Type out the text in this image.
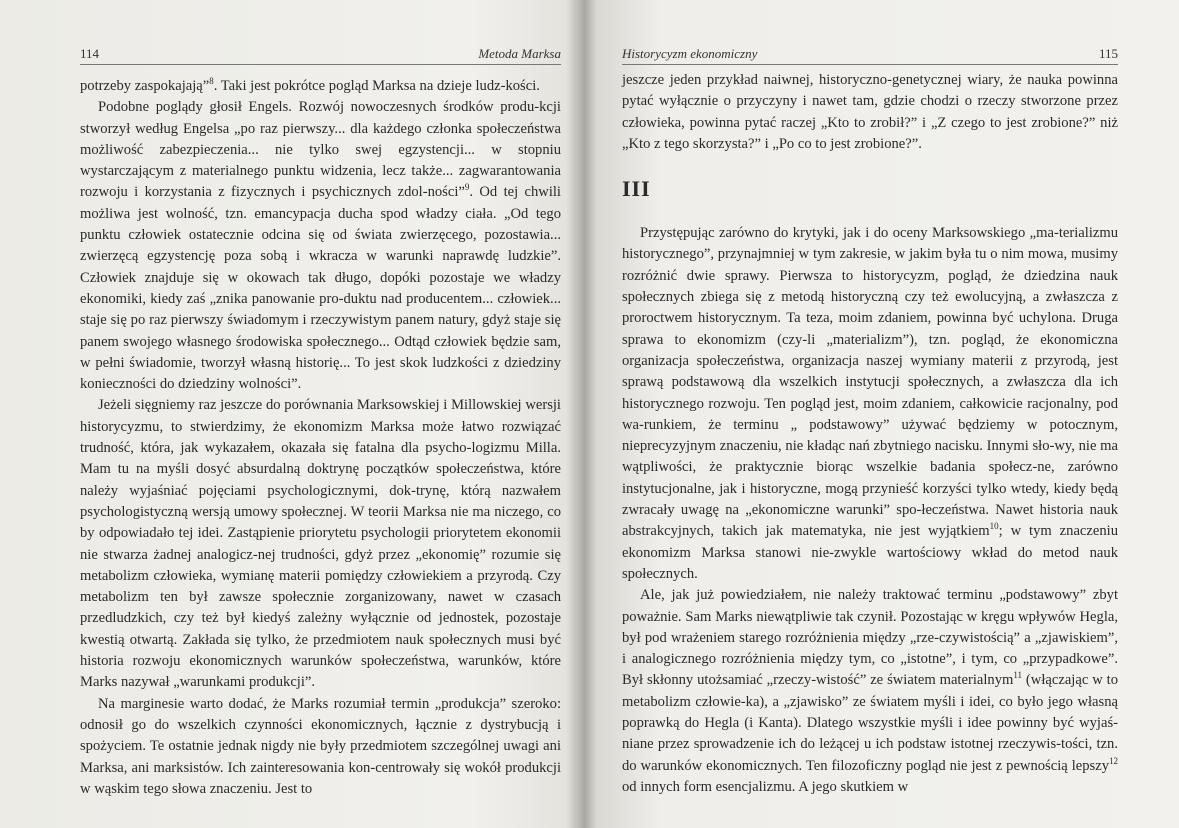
114	Metoda Marksa

potrzeby zaspokajają”$^8$. Taki jest pokrótce pogląd Marksa na dzieje ludz-kości.

Podobne poglądy głosił Engels. Rozwój nowoczesnych środków produ-kcji stworzył według Engelsa „po raz pierwszy... dla każdego członka społeczeństwa możliwość zabezpieczenia... nie tylko swej egzystencji... w stopniu wystarczającym z materialnego punktu widzenia, lecz także... zagwarantowania rozwoju i korzystania z fizycznych i psychicznych zdol-ności”$^9$. Od tej chwili możliwa jest wolność, tzn. emancypacja ducha spod władzy ciała. „Od tego punktu człowiek ostatecznie odcina się od świata zwierzęcego, pozostawia... zwierzęcą egzystencję poza sobą i wkracza w warunki naprawdę ludzkie”. Człowiek znajduje się w okowach tak długo, dopóki pozostaje we władzy ekonomiki, kiedy zaś „znika panowanie pro-duktu nad producentem... człowiek... staje się po raz pierwszy świadomym i rzeczywistym panem natury, gdyż staje się panem swojego własnego środowiska społecznego... Odtąd człowiek będzie sam, w pełni świadomie, tworzył własną historię... To jest skok ludzkości z dziedziny konieczności do dziedziny wolności”.

Jeżeli sięgniemy raz jeszcze do porównania Marksowskiej i Millowskiej wersji historycyzmu, to stwierdzimy, że ekonomizm Marksa może łatwo rozwiązać trudność, która, jak wykazałem, okazała się fatalna dla psycho-logizmu Milla. Mam tu na myśli dosyć absurdalną doktrynę początków społeczeństwa, które należy wyjaśniać pojęciami psychologicznymi, dok-trynę, którą nazwałem psychologistyczną wersją umowy społecznej. W teorii Marksa nie ma niczego, co by odpowiadało tej idei. Zastąpienie priorytetu psychologii priorytetem ekonomii nie stwarza żadnej analogicz-nej trudności, gdyż przez „ekonomię” rozumie się metabolizm człowieka, wymianę materii pomiędzy człowiekiem a przyrodą. Czy metabolizm ten był zawsze społecznie zorganizowany, nawet w czasach przedludzkich, czy też był kiedyś zależny wyłącznie od jednostek, pozostaje kwestią otwartą. Zakłada się tylko, że przedmiotem nauk społecznych musi być historia rozwoju ekonomicznych warunków społeczeństwa, warunków, które Marks nazywał „warunkami produkcji”.

Na marginesie warto dodać, że Marks rozumiał termin „produkcja” szeroko: odnosił go do wszelkich czynności ekonomicznych, łącznie z dystrybucją i spożyciem. Te ostatnie jednak nigdy nie były przedmiotem szczególnej uwagi ani Marksa, ani marksistów. Ich zainteresowania kon-centrowały się wokół produkcji w wąskim tego słowa znaczeniu. Jest to

Historycyzm ekonomiczny	115

jeszcze jeden przykład naiwnej, historyczno-genetycznej wiary, że nauka powinna pytać wyłącznie o przyczyny i nawet tam, gdzie chodzi o rzeczy stworzone przez człowieka, powinna pytać raczej „Kto to zrobił?” i „Z czego to jest zrobione?” niż „Kto z tego skorzysta?” i „Po co to jest zrobione?”.

III

Przystępując zarówno do krytyki, jak i do oceny Marksowskiego „ma-terializmu historycznego”, przynajmniej w tym zakresie, w jakim była tu o nim mowa, musimy rozróżnić dwie sprawy. Pierwsza to historycyzm, pogląd, że dziedzina nauk społecznych zbiega się z metodą historyczną czy też ewolucyjną, a zwłaszcza z proroctwem historycznym. Ta teza, moim zdaniem, powinna być uchylona. Druga sprawa to ekonomizm (czy-li „materializm”), tzn. pogląd, że ekonomiczna organizacja społeczeństwa, organizacja naszej wymiany materii z przyrodą, jest sprawą podstawową dla wszelkich instytucji społecznych, a zwłaszcza dla ich historycznego rozwoju. Ten pogląd jest, moim zdaniem, całkowicie racjonalny, pod wa-runkiem, że terminu „ podstawowy” używać będziemy w potocznym, nieprecyzyjnym znaczeniu, nie kładąc nań zbytniego nacisku. Innymi sło-wy, nie ma wątpliwości, że praktycznie biorąc wszelkie badania społecz-ne, zarówno instytucjonalne, jak i historyczne, mogą przynieść korzyści tylko wtedy, kiedy będą zwracały uwagę na „ekonomiczne warunki” spo-łeczeństwa. Nawet historia nauk abstrakcyjnych, takich jak matematyka, nie jest wyjątkiem$^{10}$; w tym znaczeniu ekonomizm Marksa stanowi nie-zwykle wartościowy wkład do metod nauk społecznych.

Ale, jak już powiedziałem, nie należy traktować terminu „podstawowy” zbyt poważnie. Sam Marks niewątpliwie tak czynił. Pozostając w kręgu wpływów Hegla, był pod wrażeniem starego rozróżnienia między „rze-czywistością” a „zjawiskiem”, i analogicznego rozróżnienia między tym, co „istotne”, i tym, co „przypadkowe”. Był skłonny utożsamiać „rzeczy-wistość” ze światem materialnym$^{11}$ (włączając w to metabolizm człowie-ka), a „zjawisko” ze światem myśli i idei, co było jego własną poprawką do Hegla (i Kanta). Dlatego wszystkie myśli i idee powinny być wyjaś-niane przez sprowadzenie ich do leżącej u ich podstaw istotnej rzeczywis-tości, tzn. do warunków ekonomicznych. Ten filozoficzny pogląd nie jest z pewnością lepszy$^{12}$ od innych form esencjalizmu. A jego skutkiem w
